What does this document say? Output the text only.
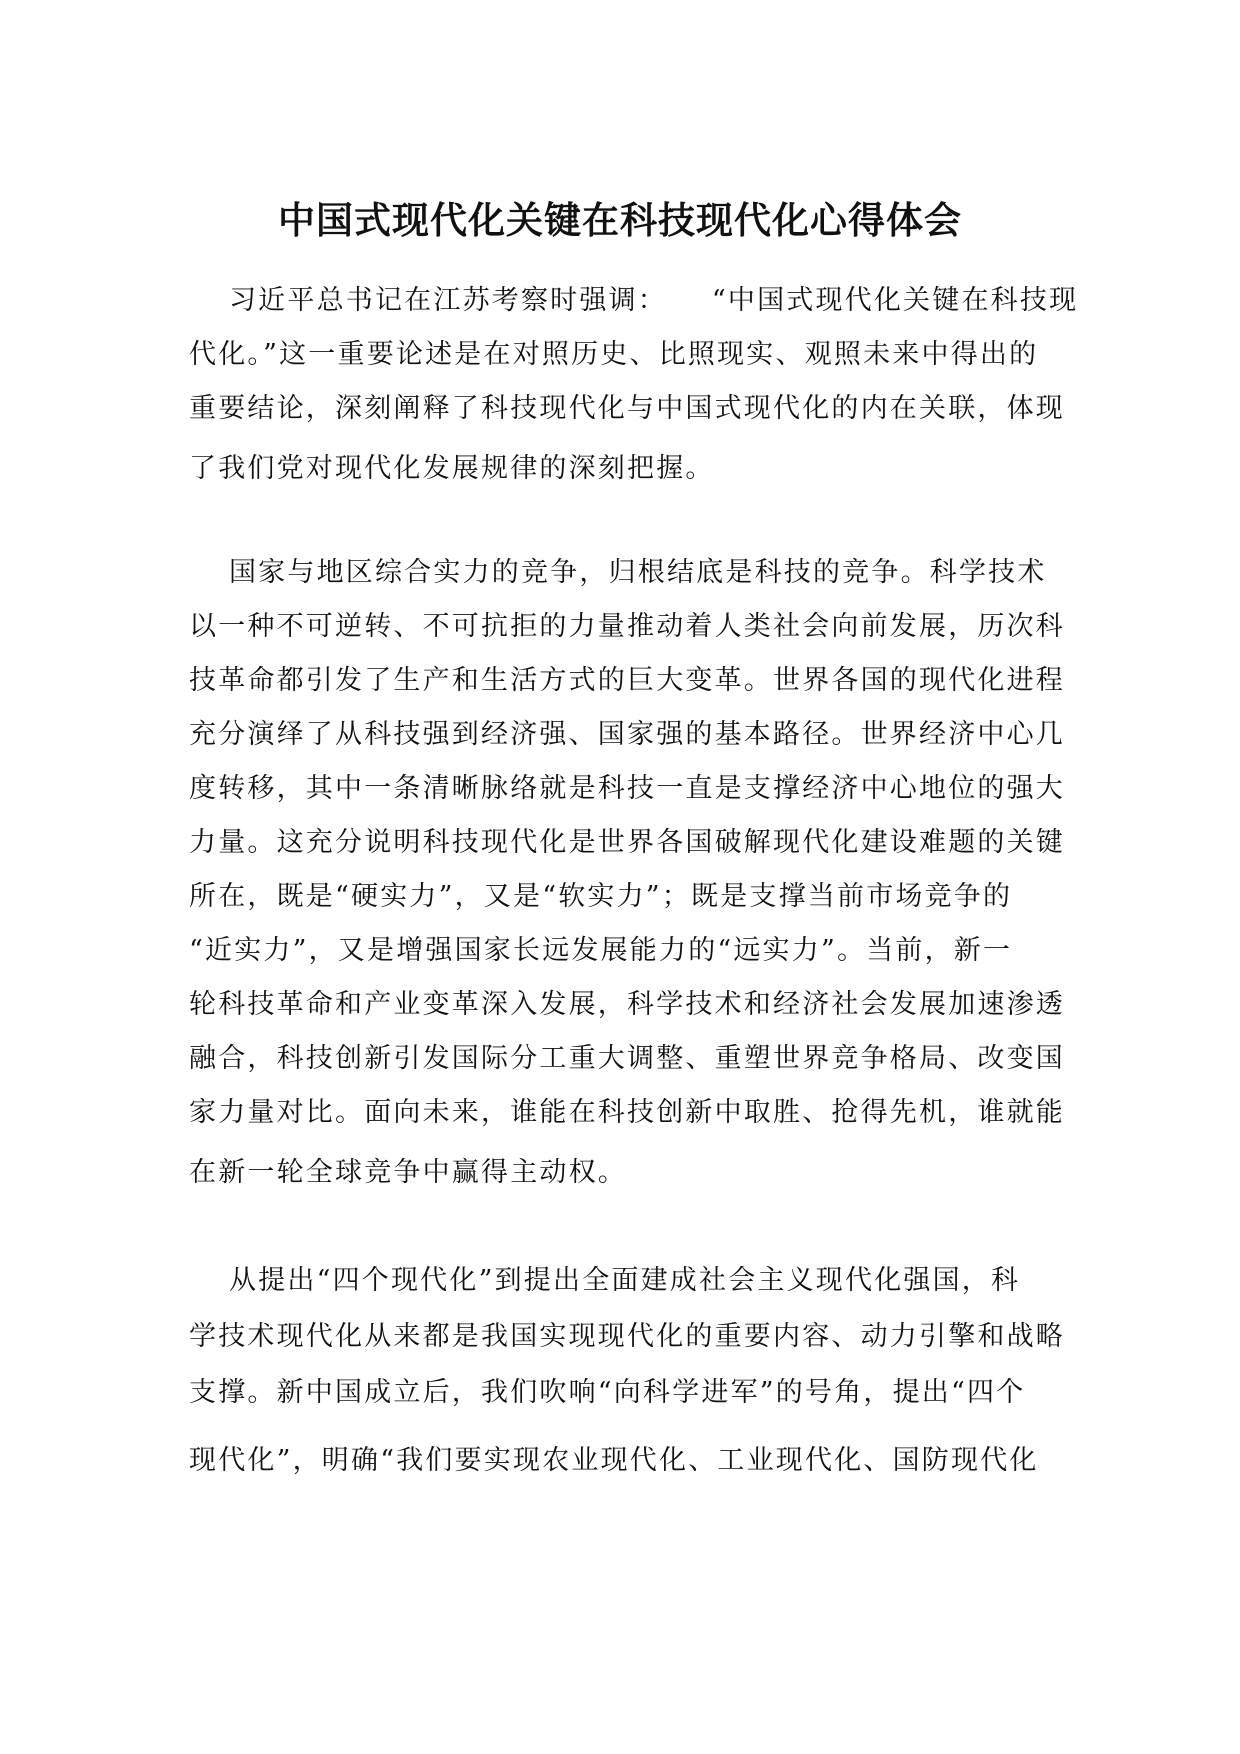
中国式现代化关键在科技现代化心得体会
　 习近平总书记在江苏考察时强调：　　“中国式现代化关键在科技现
代化。”这一重要论述是在对照历史、比照现实、观照未来中得出的
重要结论，深刻阐释了科技现代化与中国式现代化的内在关联，体现
了我们党对现代化发展规律的深刻把握。
　 国家与地区综合实力的竞争，归根结底是科技的竞争。科学技术
以一种不可逆转、不可抗拒的力量推动着人类社会向前发展，历次科
技革命都引发了生产和生活方式的巨大变革。世界各国的现代化进程
充分演绎了从科技强到经济强、国家强的基本路径。世界经济中心几
度转移，其中一条清晰脉络就是科技一直是支撑经济中心地位的强大
力量。这充分说明科技现代化是世界各国破解现代化建设难题的关键
所在，既是“硬实力”，又是“软实力”；既是支撑当前市场竞争的
“近实力”，又是增强国家长远发展能力的“远实力”。当前，新一
轮科技革命和产业变革深入发展，科学技术和经济社会发展加速渗透
融合，科技创新引发国际分工重大调整、重塑世界竞争格局、改变国
家力量对比。面向未来，谁能在科技创新中取胜、抢得先机，谁就能
在新一轮全球竞争中赢得主动权。
　 从提出“四个现代化”到提出全面建成社会主义现代化强国，科
学技术现代化从来都是我国实现现代化的重要内容、动力引擎和战略
支撑。新中国成立后，我们吹响“向科学进军”的号角，提出“四个
现代化”，明确“我们要实现农业现代化、工业现代化、国防现代化
